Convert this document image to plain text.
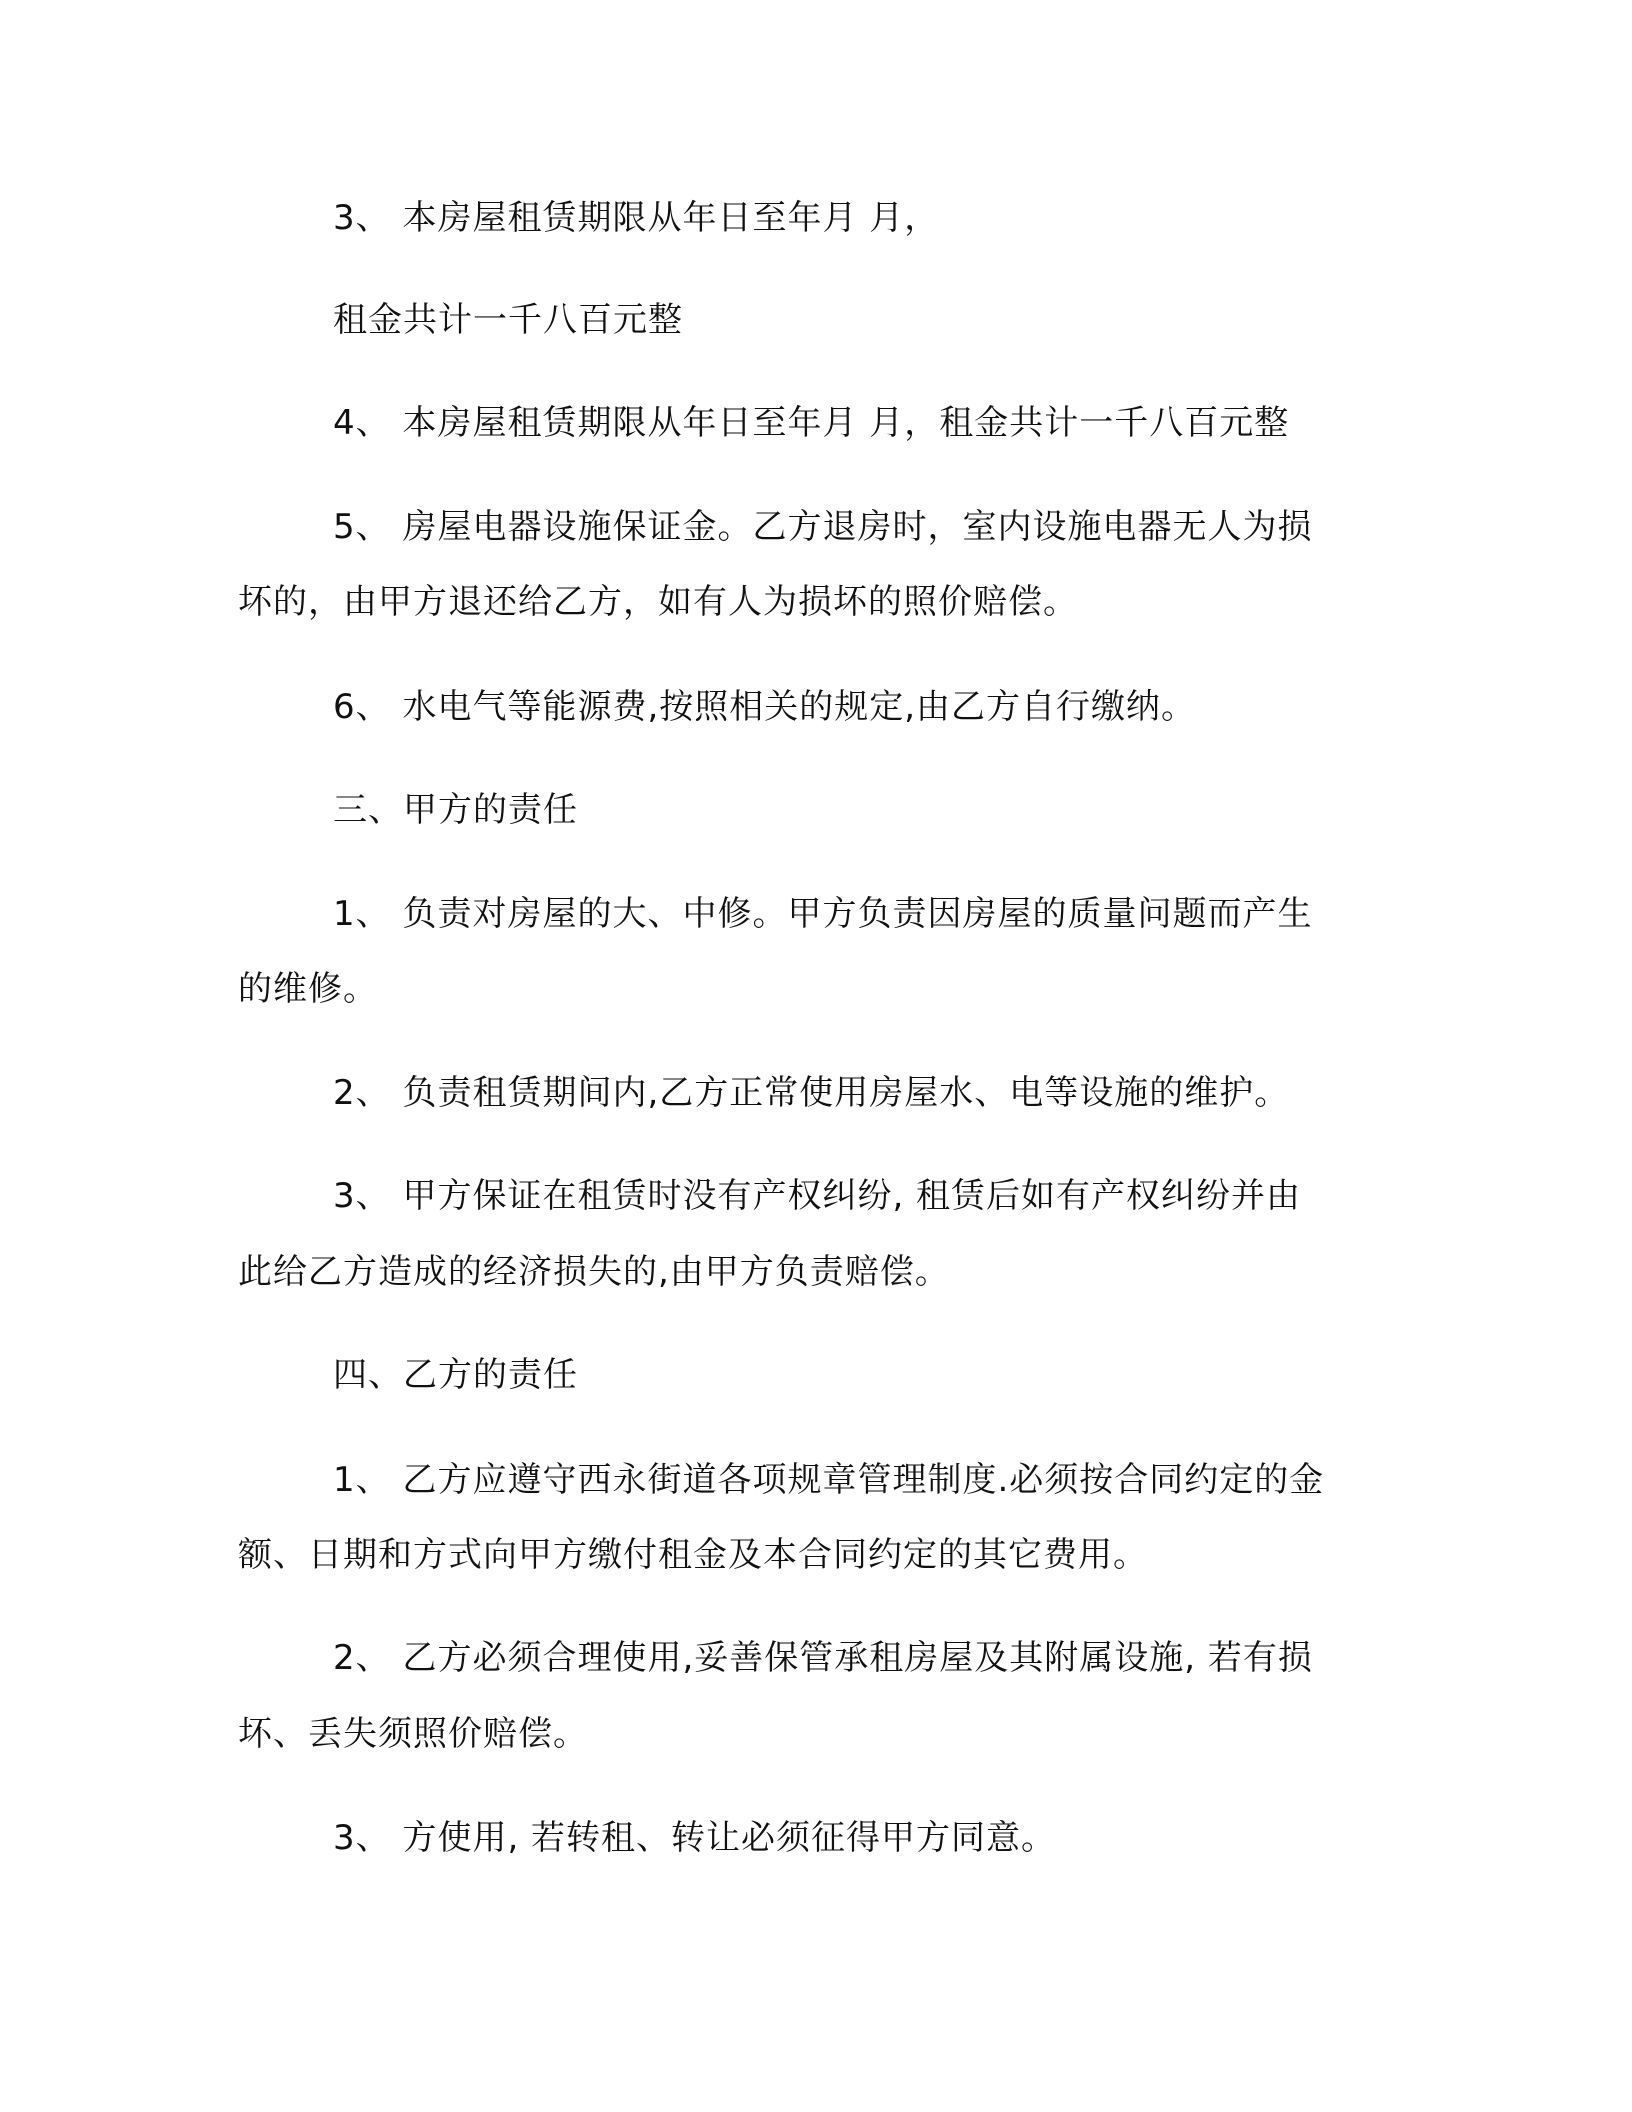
3、 本房屋租赁期限从年日至年月 月，
租金共计一千八百元整
4、 本房屋租赁期限从年日至年月 月，租金共计一千八百元整
5、 房屋电器设施保证金。乙方退房时，室内设施电器无人为损
坏的，由甲方退还给乙方，如有人为损坏的照价赔偿。
6、 水电气等能源费,按照相关的规定,由乙方自行缴纳。
三、甲方的责任
1、 负责对房屋的大、中修。甲方负责因房屋的质量问题而产生
的维修。
2、 负责租赁期间内,乙方正常使用房屋水、电等设施的维护。
3、 甲方保证在租赁时没有产权纠纷, 租赁后如有产权纠纷并由
此给乙方造成的经济损失的,由甲方负责赔偿。
四、乙方的责任
1、 乙方应遵守西永街道各项规章管理制度.必须按合同约定的金
额、日期和方式向甲方缴付租金及本合同约定的其它费用。
2、 乙方必须合理使用,妥善保管承租房屋及其附属设施, 若有损
坏、丢失须照价赔偿。
3、 方使用, 若转租、转让必须征得甲方同意。
